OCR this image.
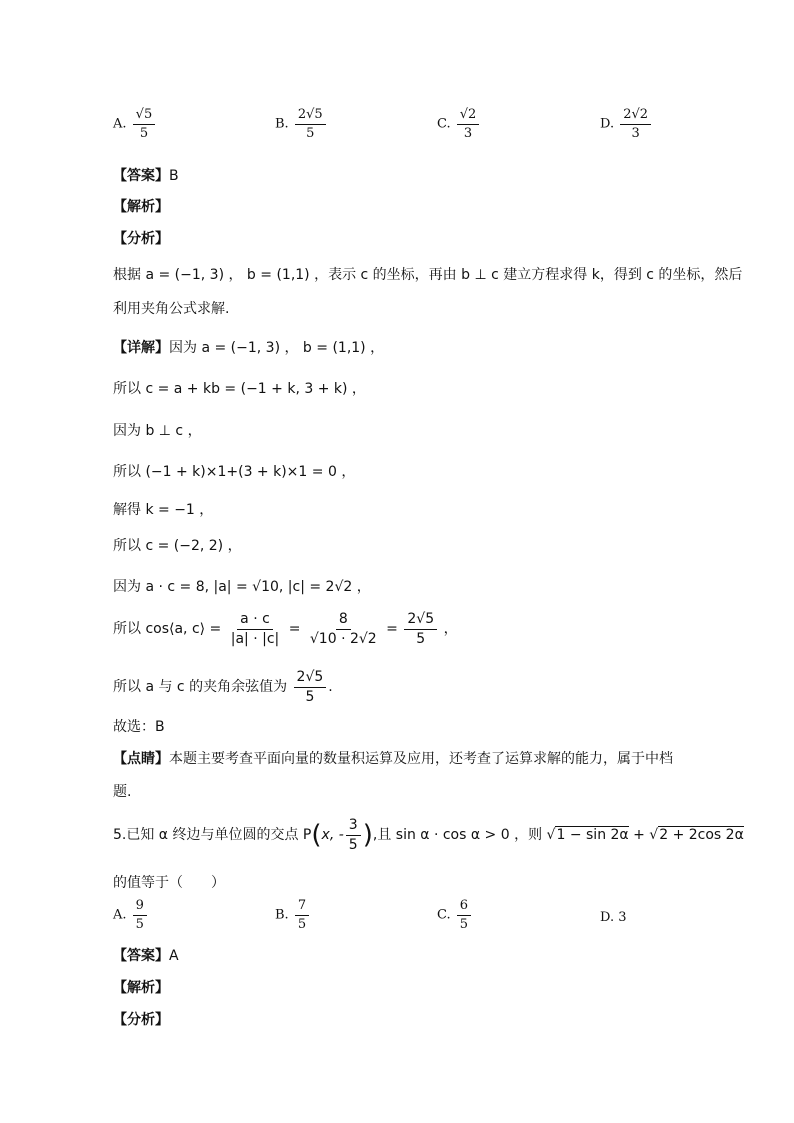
A. $\frac{√5}{5}$	B. $\frac{2√5}{5}$	C. $\frac{√2}{3}$	D. $\frac{2√2}{3}$
【答案】B
【解析】
【分析】
根据 a = (−1, 3) ， b = (1,1) ，表示 c 的坐标，再由 b ⊥ c 建立方程求得 k，得到 c 的坐标，然后
利用夹角公式求解.
【详解】因为 a = (−1, 3) ， b = (1,1) ，
所以 c = a + kb = (−1 + k, 3 + k) ，
因为 b ⊥ c ，
所以 (−1 + k)×1+(3 + k)×1 = 0 ，
解得 k = −1 ，
所以 c = (−2, 2) ，
因为 a · c = 8, |a| = √10, |c| = 2√2 ，
所以 cos⟨a, c⟩ = $\frac{a \cdot c}{|a| \cdot |c|} = \frac{8}{√10 \cdot 2√2} = \frac{2√5}{5}$ ，
所以 a 与 c 的夹角余弦值为 $\frac{2√5}{5}$ .
故选：B
【点睛】本题主要考查平面向量的数量积运算及应用，还考查了运算求解的能力，属于中档
题.
5.已知 α 终边与单位圆的交点 P(x, - $\frac{3}{5}$ ),且 sin α · cos α > 0 ，则 √1 − sin 2α + √2 + 2cos 2α
的值等于（　　）
A. $\frac{9}{5}$	B. $\frac{7}{5}$	C. $\frac{6}{5}$	D. 3
【答案】A
【解析】
【分析】
